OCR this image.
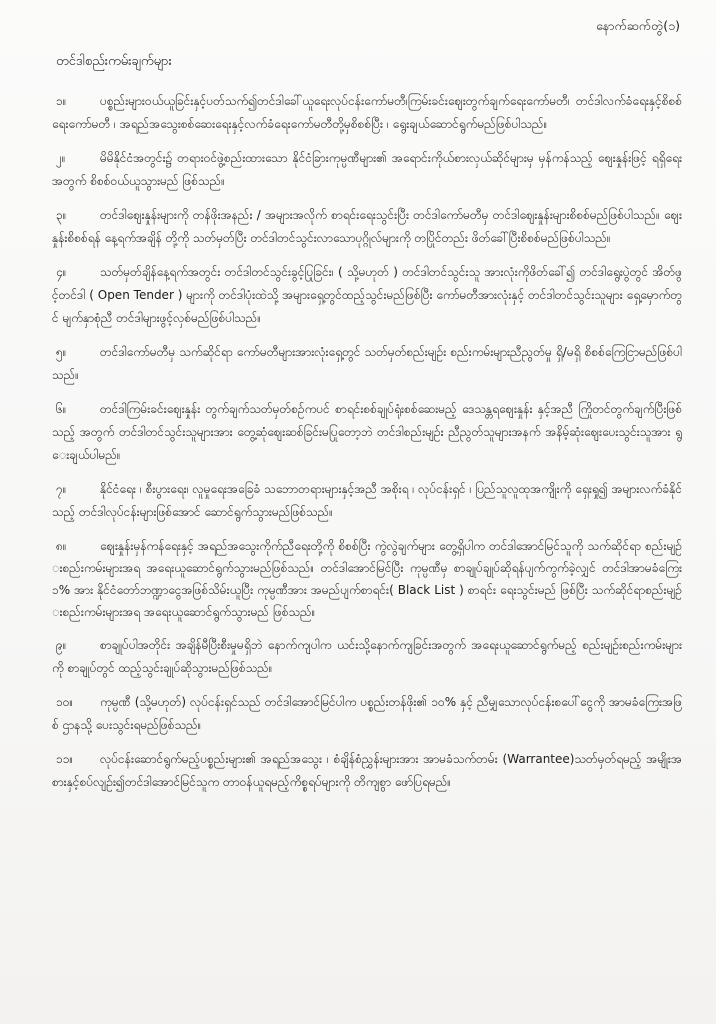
နောက်ဆက်တွဲ(၁)
တင်ဒါစည်းကမ်းချက်များ
၁။	ပစ္စည်းများဝယ်ယူခြင်းနှင့်ပတ်သက်၍တင်ဒါခေါ်ယူရေးလုပ်ငန်းကော်မတီ၊ကြမ်းခင်းဈေးတွက်ချက်ရေးကော်မတီ၊ တင်ဒါလက်ခံရေးနှင့်စိစစ်ရေးကော်မတီ ၊ အရည်အသွေးစစ်ဆေးရေးနှင့်လက်ခံရေးကော်မတီတို့မှစိစစ်ပြီး ၊ ရွေးချယ်ဆောင်ရွက်မည်ဖြစ်ပါသည်။
၂။	မိမိနိုင်ငံအတွင်း၌ တရားဝင်ဖွဲ့စည်းထားသော နိုင်ငံခြားကုမ္ပဏီများ၏ အရောင်းကိုယ်စားလှယ်ဆိုင်များမှ မှန်ကန်သည့် ဈေးနှုန်းဖြင့် ရရှိရေးအတွက် စိစစ်ဝယ်ယူသွားမည် ဖြစ်သည်။
၃။	တင်ဒါဈေးနှုန်းများကို တန်ဖိုးအနည်း / အများအလိုက် စာရင်းရေးသွင်းပြီး တင်ဒါကော်မတီမှ တင်ဒါဈေးနှုန်းများစိစစ်မည်ဖြစ်ပါသည်။ ဈေးနှုန်းစိစစ်ရန် နေ့ရက်အချိန် တို့ကို သတ်မှတ်ပြီး တင်ဒါတင်သွင်းလာသောပုဂ္ဂိုလ်များကို တပြိုင်တည်း ဖိတ်ခေါ်ပြီးစိစစ်မည်ဖြစ်ပါသည်။
၄။	သတ်မှတ်ချိန်နေ့ရက်အတွင်း တင်ဒါတင်သွင်းခွင့်ပြုခြင်း၊ ( သို့မဟုတ် ) တင်ဒါတင်သွင်းသူ အားလုံးကိုဖိတ်ခေါ်၍ တင်ဒါရွေးပွဲတွင် အိတ်ဖွင့်တင်ဒါ ( Open Tender ) များကို တင်ဒါပုံးထဲသို့ အများရှေ့တွင်ထည့်သွင်းမည်ဖြစ်ပြီး ကော်မတီအားလုံးနှင့် တင်ဒါတင်သွင်းသူများ ရှေ့မှောက်တွင် မျက်နှာစုံညီ တင်ဒါများဖွင့်လှစ်မည်ဖြစ်ပါသည်။
၅။	တင်ဒါကော်မတီမှ သက်ဆိုင်ရာ ကော်မတီများအားလုံးရှေ့တွင် သတ်မှတ်စည်းမျဉ်း စည်းကမ်းများညီညွတ်မှု ရှိ/မရှိ စိစစ်ကြေငြာမည်ဖြစ်ပါသည်။
၆။	တင်ဒါကြမ်းခင်းဈေးနှုန်း တွက်ချက်သတ်မှတ်စဉ်ကပင် စာရင်းစစ်ချုပ်ရုံးစစ်ဆေးမည့် ဒေသန္တရဈေးနှုန်း နှင့်အညီ ကြိုတင်တွက်ချက်ပြီးဖြစ်သည့် အတွက် တင်ဒါတင်သွင်းသူများအား တွေ့ဆုံဈေးဆစ်ခြင်းမပြုတော့ဘဲ တင်ဒါစည်းမျဉ်း ညီညွတ်သူများအနက် အနိမ့်ဆုံးဈေးပေးသွင်းသူအား ရွေးချယ်ပါမည်။
၇။	နိုင်ငံရေး ၊ စီးပွားရေး၊ လူမှုရေးအခြေခံ သဘောတရားများနှင့်အညီ အစိုးရ ၊ လုပ်ငန်းရှင် ၊ ပြည်သူလူထုအကျိုးကို ရှေးရှု၍ အများလက်ခံနိုင်သည့် တင်ဒါလုပ်ငန်းများဖြစ်အောင် ဆောင်ရွက်သွားမည်ဖြစ်သည်။
၈။	ဈေးနှုန်းမှန်ကန်ရေးနှင့် အရည်အသွေးကိုက်ညီရေးတို့ကို စိစစ်ပြီး ကွဲလွဲချက်များ တွေ့ရှိပါက တင်ဒါအောင်မြင်သူကို သက်ဆိုင်ရာ စည်းမျဉ်းစည်းကမ်းများအရ အရေးယူဆောင်ရွက်သွားမည်ဖြစ်သည်။ တင်ဒါအောင်မြင်ပြီး ကုမ္ပဏီမှ စာချုပ်ချုပ်ဆိုရန်ပျက်ကွက်ခဲ့လျှင် တင်ဒါအာမခံကြေး ၁% အား နိုင်ငံတော်ဘဏ္ဍာငွေအဖြစ်သိမ်းယူပြီး ကုမ္ပဏီအား အမည်ပျက်စာရင်း( Black List ) စာရင်း ရေးသွင်းမည် ဖြစ်ပြီး သက်ဆိုင်ရာစည်းမျဉ်းစည်းကမ်းများအရ အရေးယူဆောင်ရွက်သွားမည် ဖြစ်သည်။
၉။	စာချုပ်ပါအတိုင်း အချိန်မီပြီးစီးမှုမရှိဘဲ နောက်ကျပါက ယင်းသို့နောက်ကျခြင်းအတွက် အရေးယူဆောင်ရွက်မည့် စည်းမျဉ်းစည်းကမ်းများကို စာချုပ်တွင် ထည့်သွင်းချုပ်ဆိုသွားမည်ဖြစ်သည်။
၁၀။ ကုမ္ပဏီ (သို့မဟုတ်) လုပ်ငန်းရှင်သည် တင်ဒါအောင်မြင်ပါက ပစ္စည်းတန်ဖိုး၏ ၁၀% နှင့် ညီမျှသောလုပ်ငန်းစပေါ်ငွေကို အာမခံကြေးအဖြစ် ဌာနသို့ ပေးသွင်းရမည်ဖြစ်သည်။
၁၁။ လုပ်ငန်းဆောင်ရွက်မည့်ပစ္စည်းများ၏ အရည်အသွေး ၊ စံချိန်စံညွှန်းများအား အာမခံသက်တမ်း (Warrantee)သတ်မှတ်ရမည့် အမျိုးအစားနှင့်စပ်လျဉ်း၍တင်ဒါအောင်မြင်သူက တာဝန်ယူရမည့်ကိစ္စရပ်များကို တိကျစွာ ဖော်ပြရမည်။
